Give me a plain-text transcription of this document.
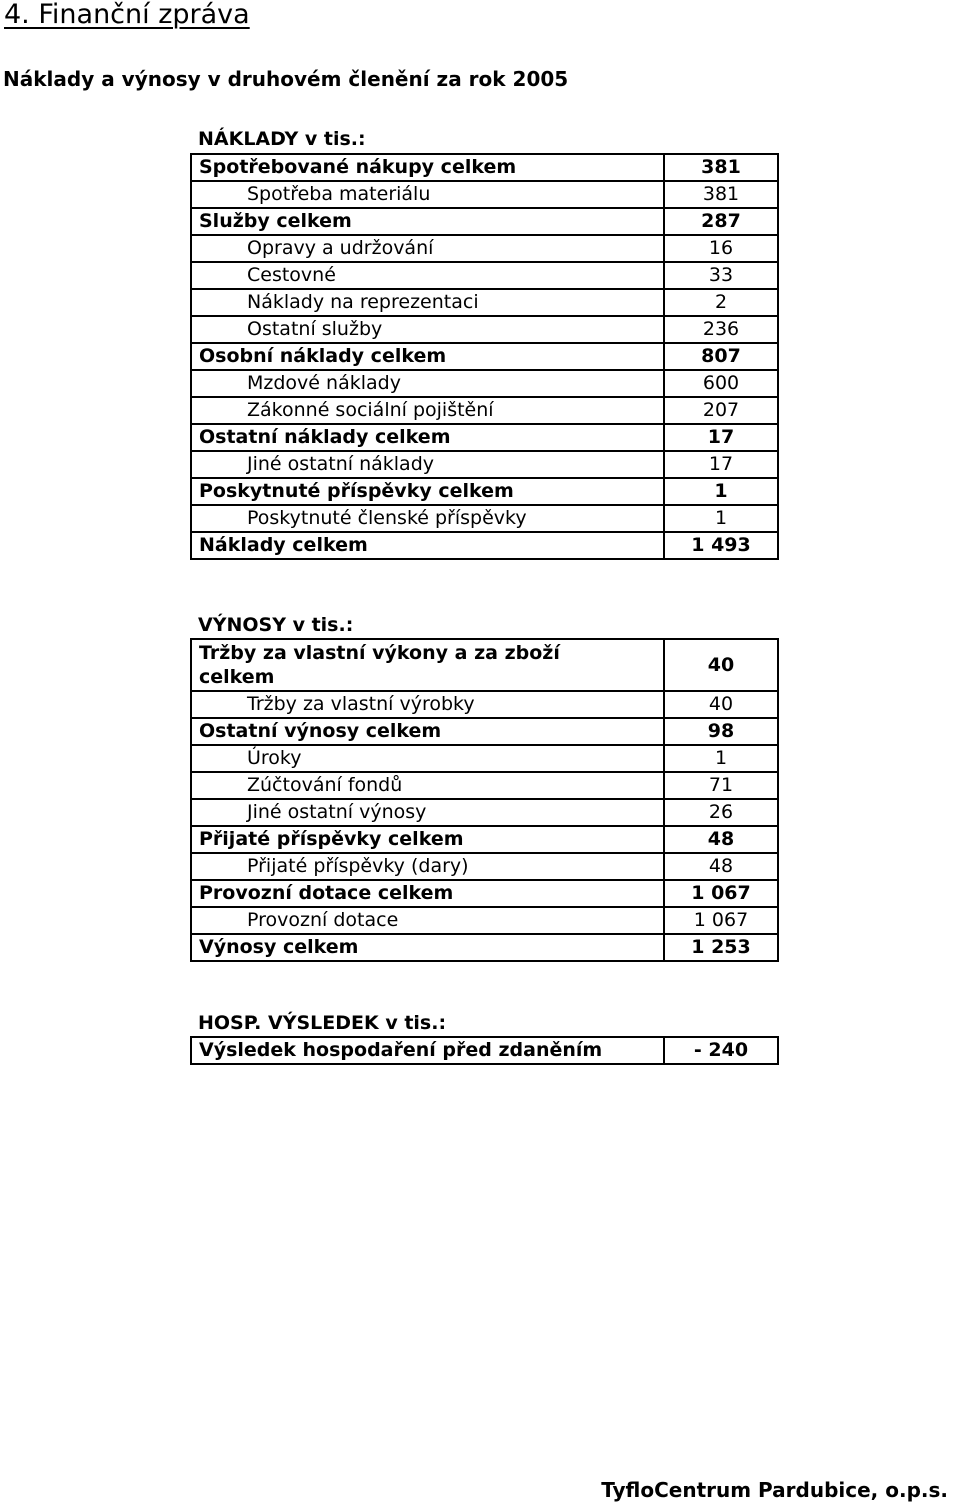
4. Finanční zpráva
Náklady a výnosy v druhovém členění za rok 2005
NÁKLADY v tis.:
Spotřebované nákupy celkem	381
Spotřeba materiálu	381
Služby celkem	287
Opravy a udržování	16
Cestovné	33
Náklady na reprezentaci	2
Ostatní služby	236
Osobní náklady celkem	807
Mzdové náklady	600
Zákonné sociální pojištění	207
Ostatní náklady celkem	17
Jiné ostatní náklady	17
Poskytnuté příspěvky celkem	1
Poskytnuté členské příspěvky	1
Náklady celkem	1 493
VÝNOSY v tis.:
Tržby za vlastní výkony a za zboží celkem	40
Tržby za vlastní výrobky	40
Ostatní výnosy celkem	98
Úroky	1
Zúčtování fondů	71
Jiné ostatní výnosy	26
Přijaté příspěvky celkem	48
Přijaté příspěvky (dary)	48
Provozní dotace celkem	1 067
Provozní dotace	1 067
Výnosy celkem	1 253
HOSP. VÝSLEDEK v tis.:
Výsledek hospodaření před zdaněním	- 240
TyfloCentrum Pardubice, o.p.s.
